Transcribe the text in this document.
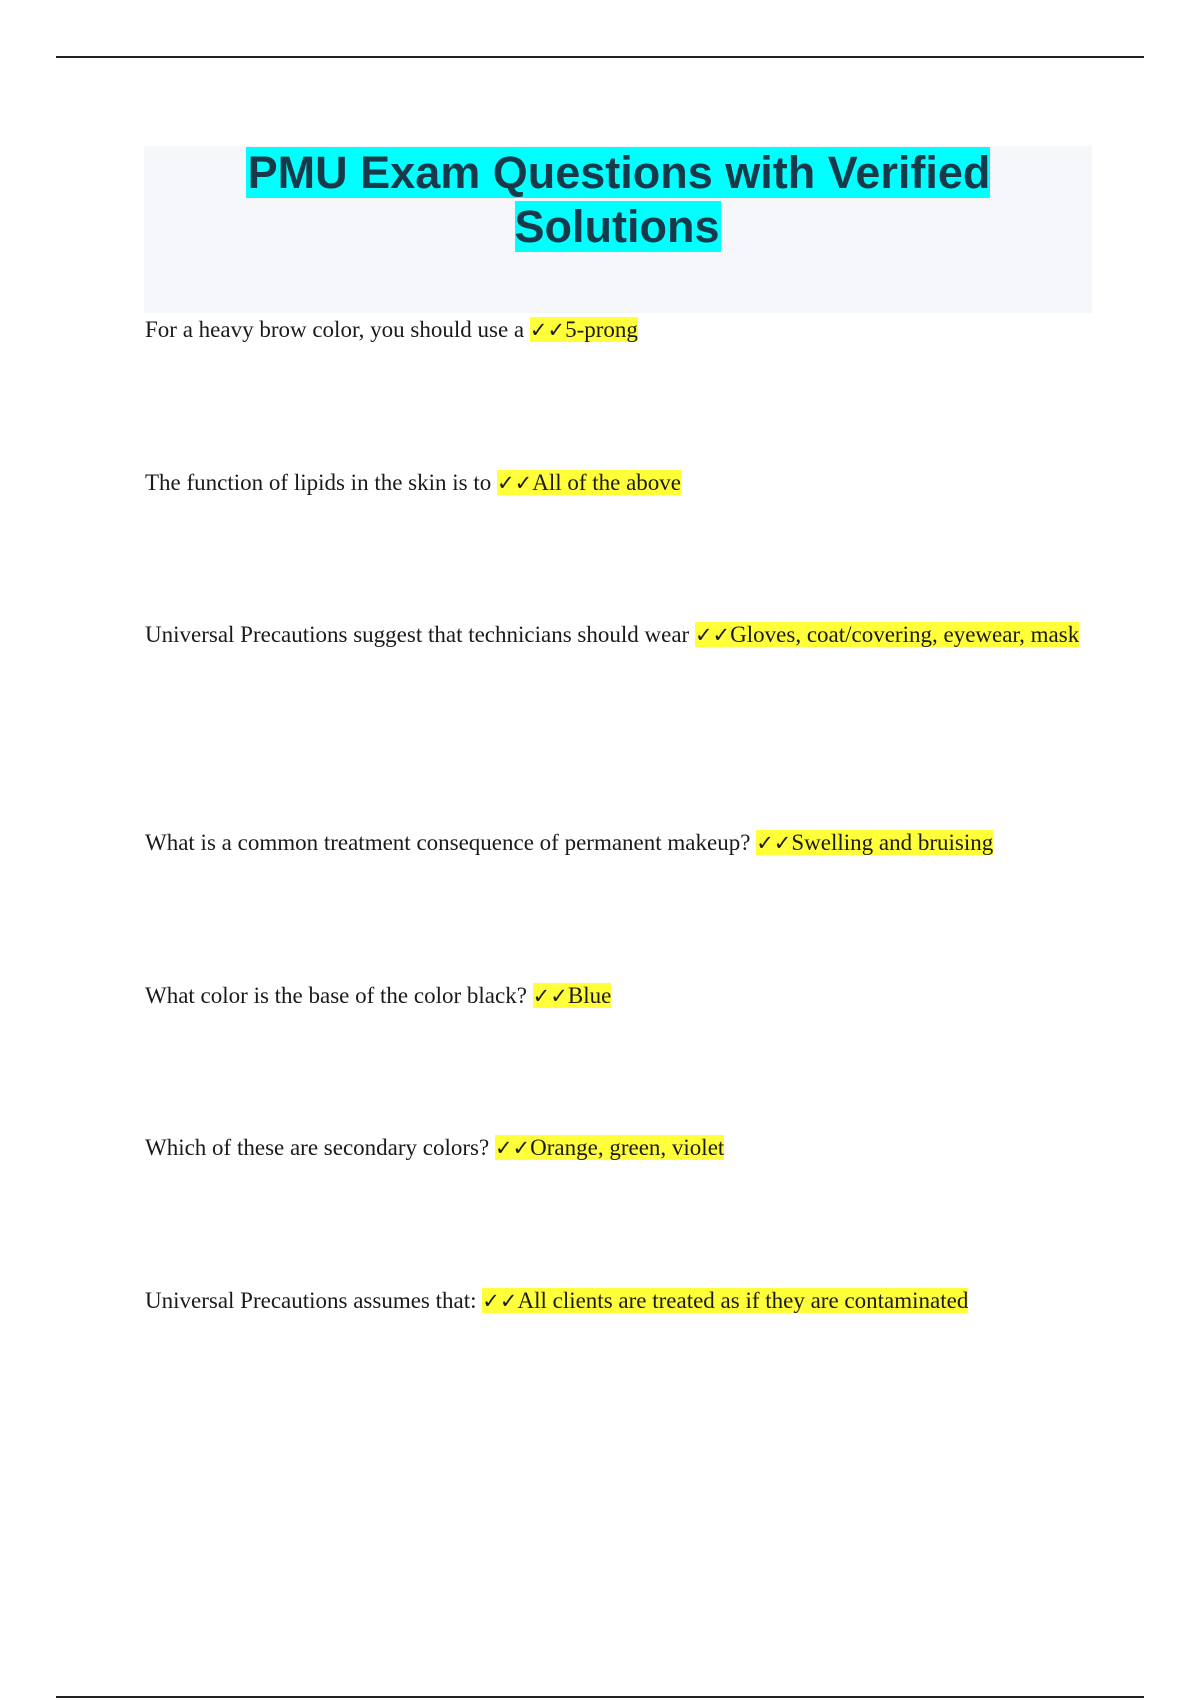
PMU Exam Questions with Verified Solutions
For a heavy brow color, you should use a ✓✓5-prong
The function of lipids in the skin is to ✓✓All of the above
Universal Precautions suggest that technicians should wear ✓✓Gloves, coat/covering, eyewear, mask
What is a common treatment consequence of permanent makeup? ✓✓Swelling and bruising
What color is the base of the color black? ✓✓Blue
Which of these are secondary colors? ✓✓Orange, green, violet
Universal Precautions assumes that: ✓✓All clients are treated as if they are contaminated
